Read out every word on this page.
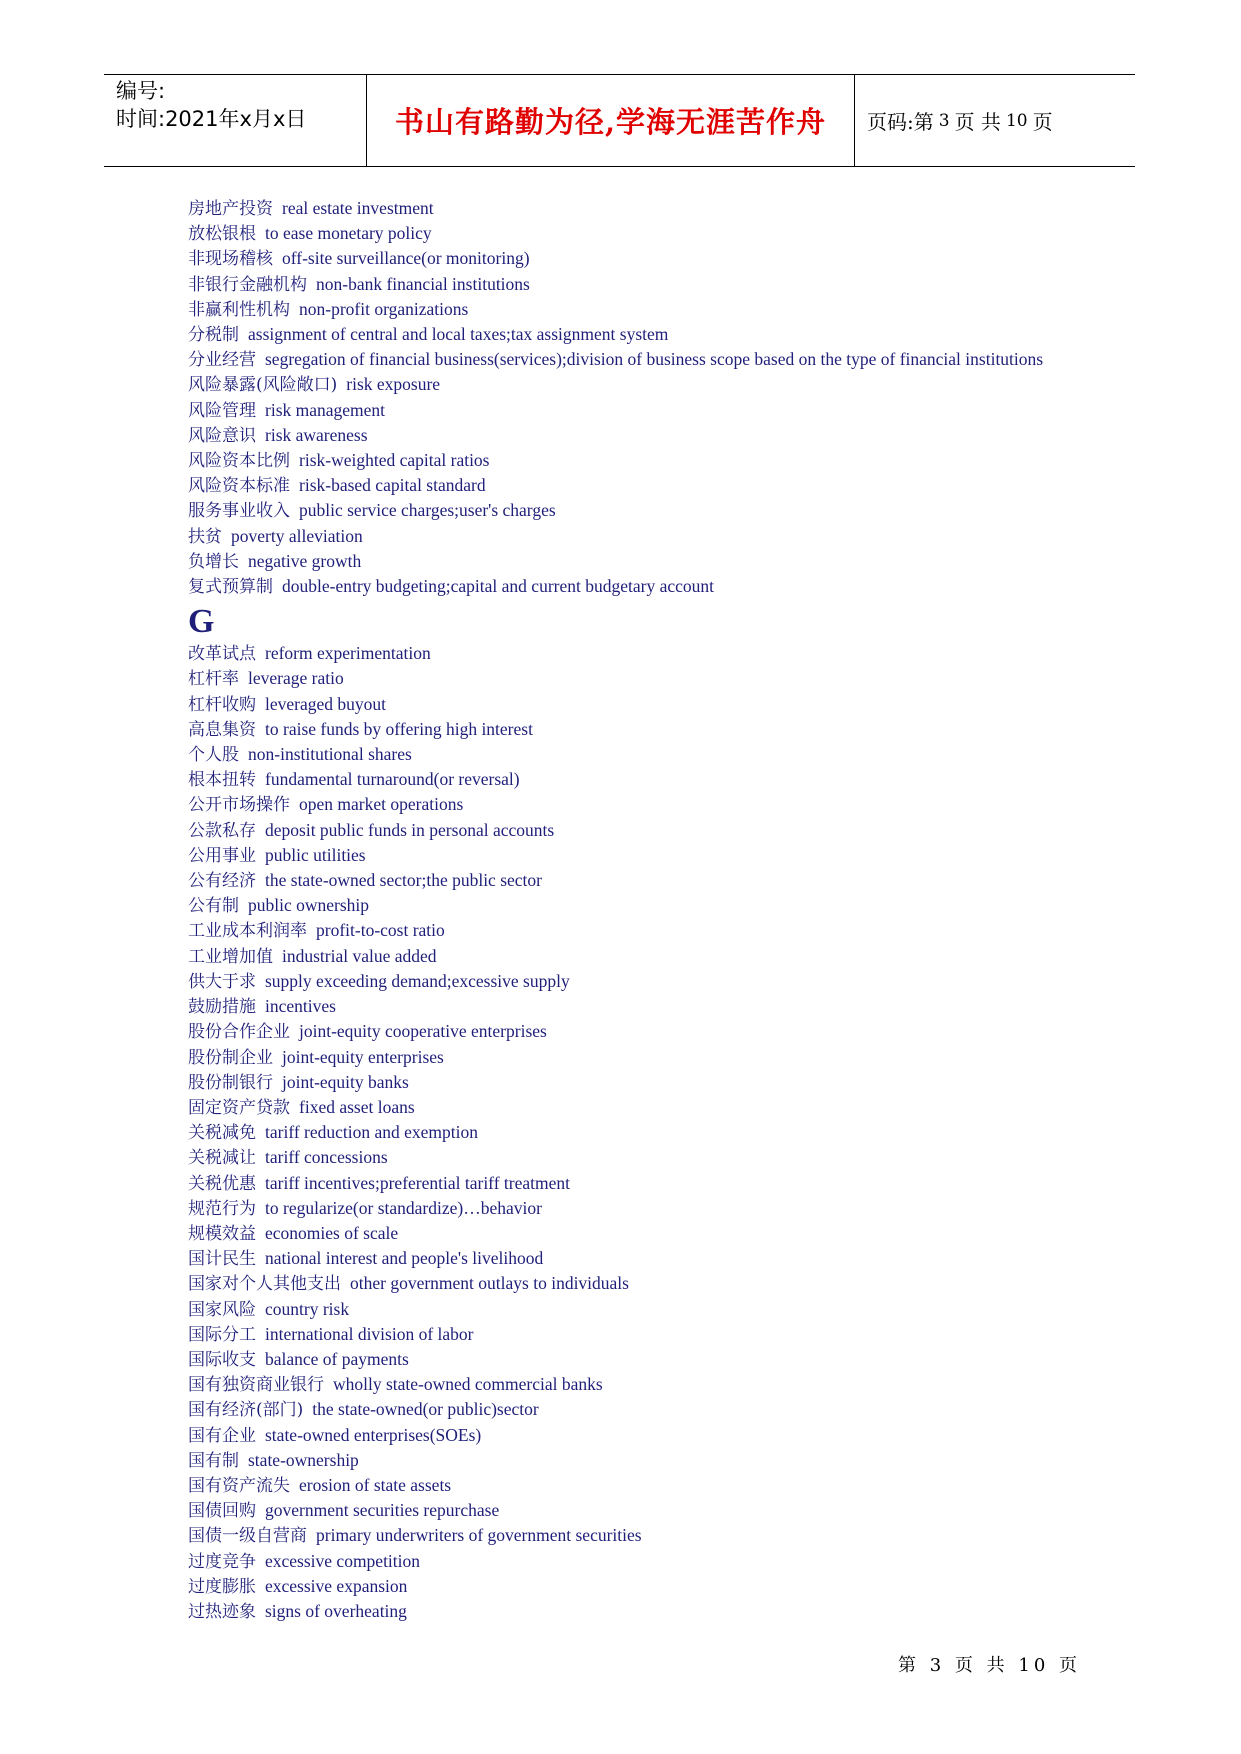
编号:
时间:2021年x月x日	书山有路勤为径,学海无涯苦作舟	页码:第 3 页 共 10 页
房地产投资 real estate investment
放松银根 to ease monetary policy
非现场稽核 off-site surveillance(or monitoring)
非银行金融机构 non-bank financial institutions
非赢利性机构 non-profit organizations
分税制 assignment of central and local taxes;tax assignment system
分业经营 segregation of financial business(services);division of business scope based on the type of financial institutions
风险暴露(风险敞口) risk exposure
风险管理 risk management
风险意识 risk awareness
风险资本比例 risk-weighted capital ratios
风险资本标准 risk-based capital standard
服务事业收入 public service charges;user's charges
扶贫 poverty alleviation
负增长 negative growth
复式预算制 double-entry budgeting;capital and current budgetary account
G
改革试点 reform experimentation
杠杆率 leverage ratio
杠杆收购 leveraged buyout
高息集资 to raise funds by offering high interest
个人股 non-institutional shares
根本扭转 fundamental turnaround(or reversal)
公开市场操作 open market operations
公款私存 deposit public funds in personal accounts
公用事业 public utilities
公有经济 the state-owned sector;the public sector
公有制 public ownership
工业成本利润率 profit-to-cost ratio
工业增加值 industrial value added
供大于求 supply exceeding demand;excessive supply
鼓励措施 incentives
股份合作企业 joint-equity cooperative enterprises
股份制企业 joint-equity enterprises
股份制银行 joint-equity banks
固定资产贷款 fixed asset loans
关税减免 tariff reduction and exemption
关税减让 tariff concessions
关税优惠 tariff incentives;preferential tariff treatment
规范行为 to regularize(or standardize)…behavior
规模效益 economies of scale
国计民生 national interest and people's livelihood
国家对个人其他支出 other government outlays to individuals
国家风险 country risk
国际分工 international division of labor
国际收支 balance of payments
国有独资商业银行 wholly state-owned commercial banks
国有经济(部门) the state-owned(or public)sector
国有企业 state-owned enterprises(SOEs)
国有制 state-ownership
国有资产流失 erosion of state assets
国债回购 government securities repurchase
国债一级自营商 primary underwriters of government securities
过度竞争 excessive competition
过度膨胀 excessive expansion
过热迹象 signs of overheating
第 3 页 共 10 页
